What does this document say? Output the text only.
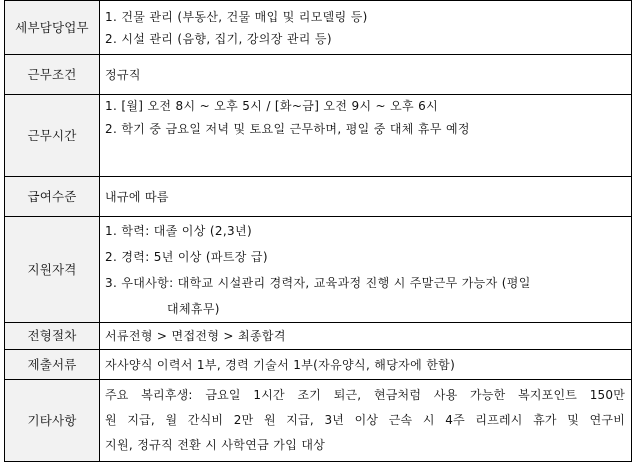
세부담당업무	1. 건물 관리 (부동산, 건물 매입 및 리모델링 등)
2. 시설 관리 (음향, 집기, 강의장 관리 등)

근무조건	정규직

근무시간	1. [월] 오전 8시 ~ 오후 5시 / [화~금] 오전 9시 ~ 오후 6시
2. 학기 중 금요일 저녁 및 토요일 근무하며, 평일 중 대체 휴무 예정

급여수준	내규에 따름

지원자격	1. 학력: 대졸 이상 (2,3년)
2. 경력: 5년 이상 (파트장 급)
3. 우대사항: 대학교 시설관리 경력자, 교육과정 진행 시 주말근무 가능자 (평일
대체휴무)

전형절차	서류전형 > 면접전형 > 최종합격

제출서류	자사양식 이력서 1부, 경력 기술서 1부(자유양식, 해당자에 한함)

기타사항	주요 복리후생: 금요일 1시간 조기 퇴근, 현금처럼 사용 가능한 복지포인트 150만
원 지급, 월 간식비 2만 원 지급, 3년 이상 근속 시 4주 리프레시 휴가 및 연구비
지원, 정규직 전환 시 사학연금 가입 대상
